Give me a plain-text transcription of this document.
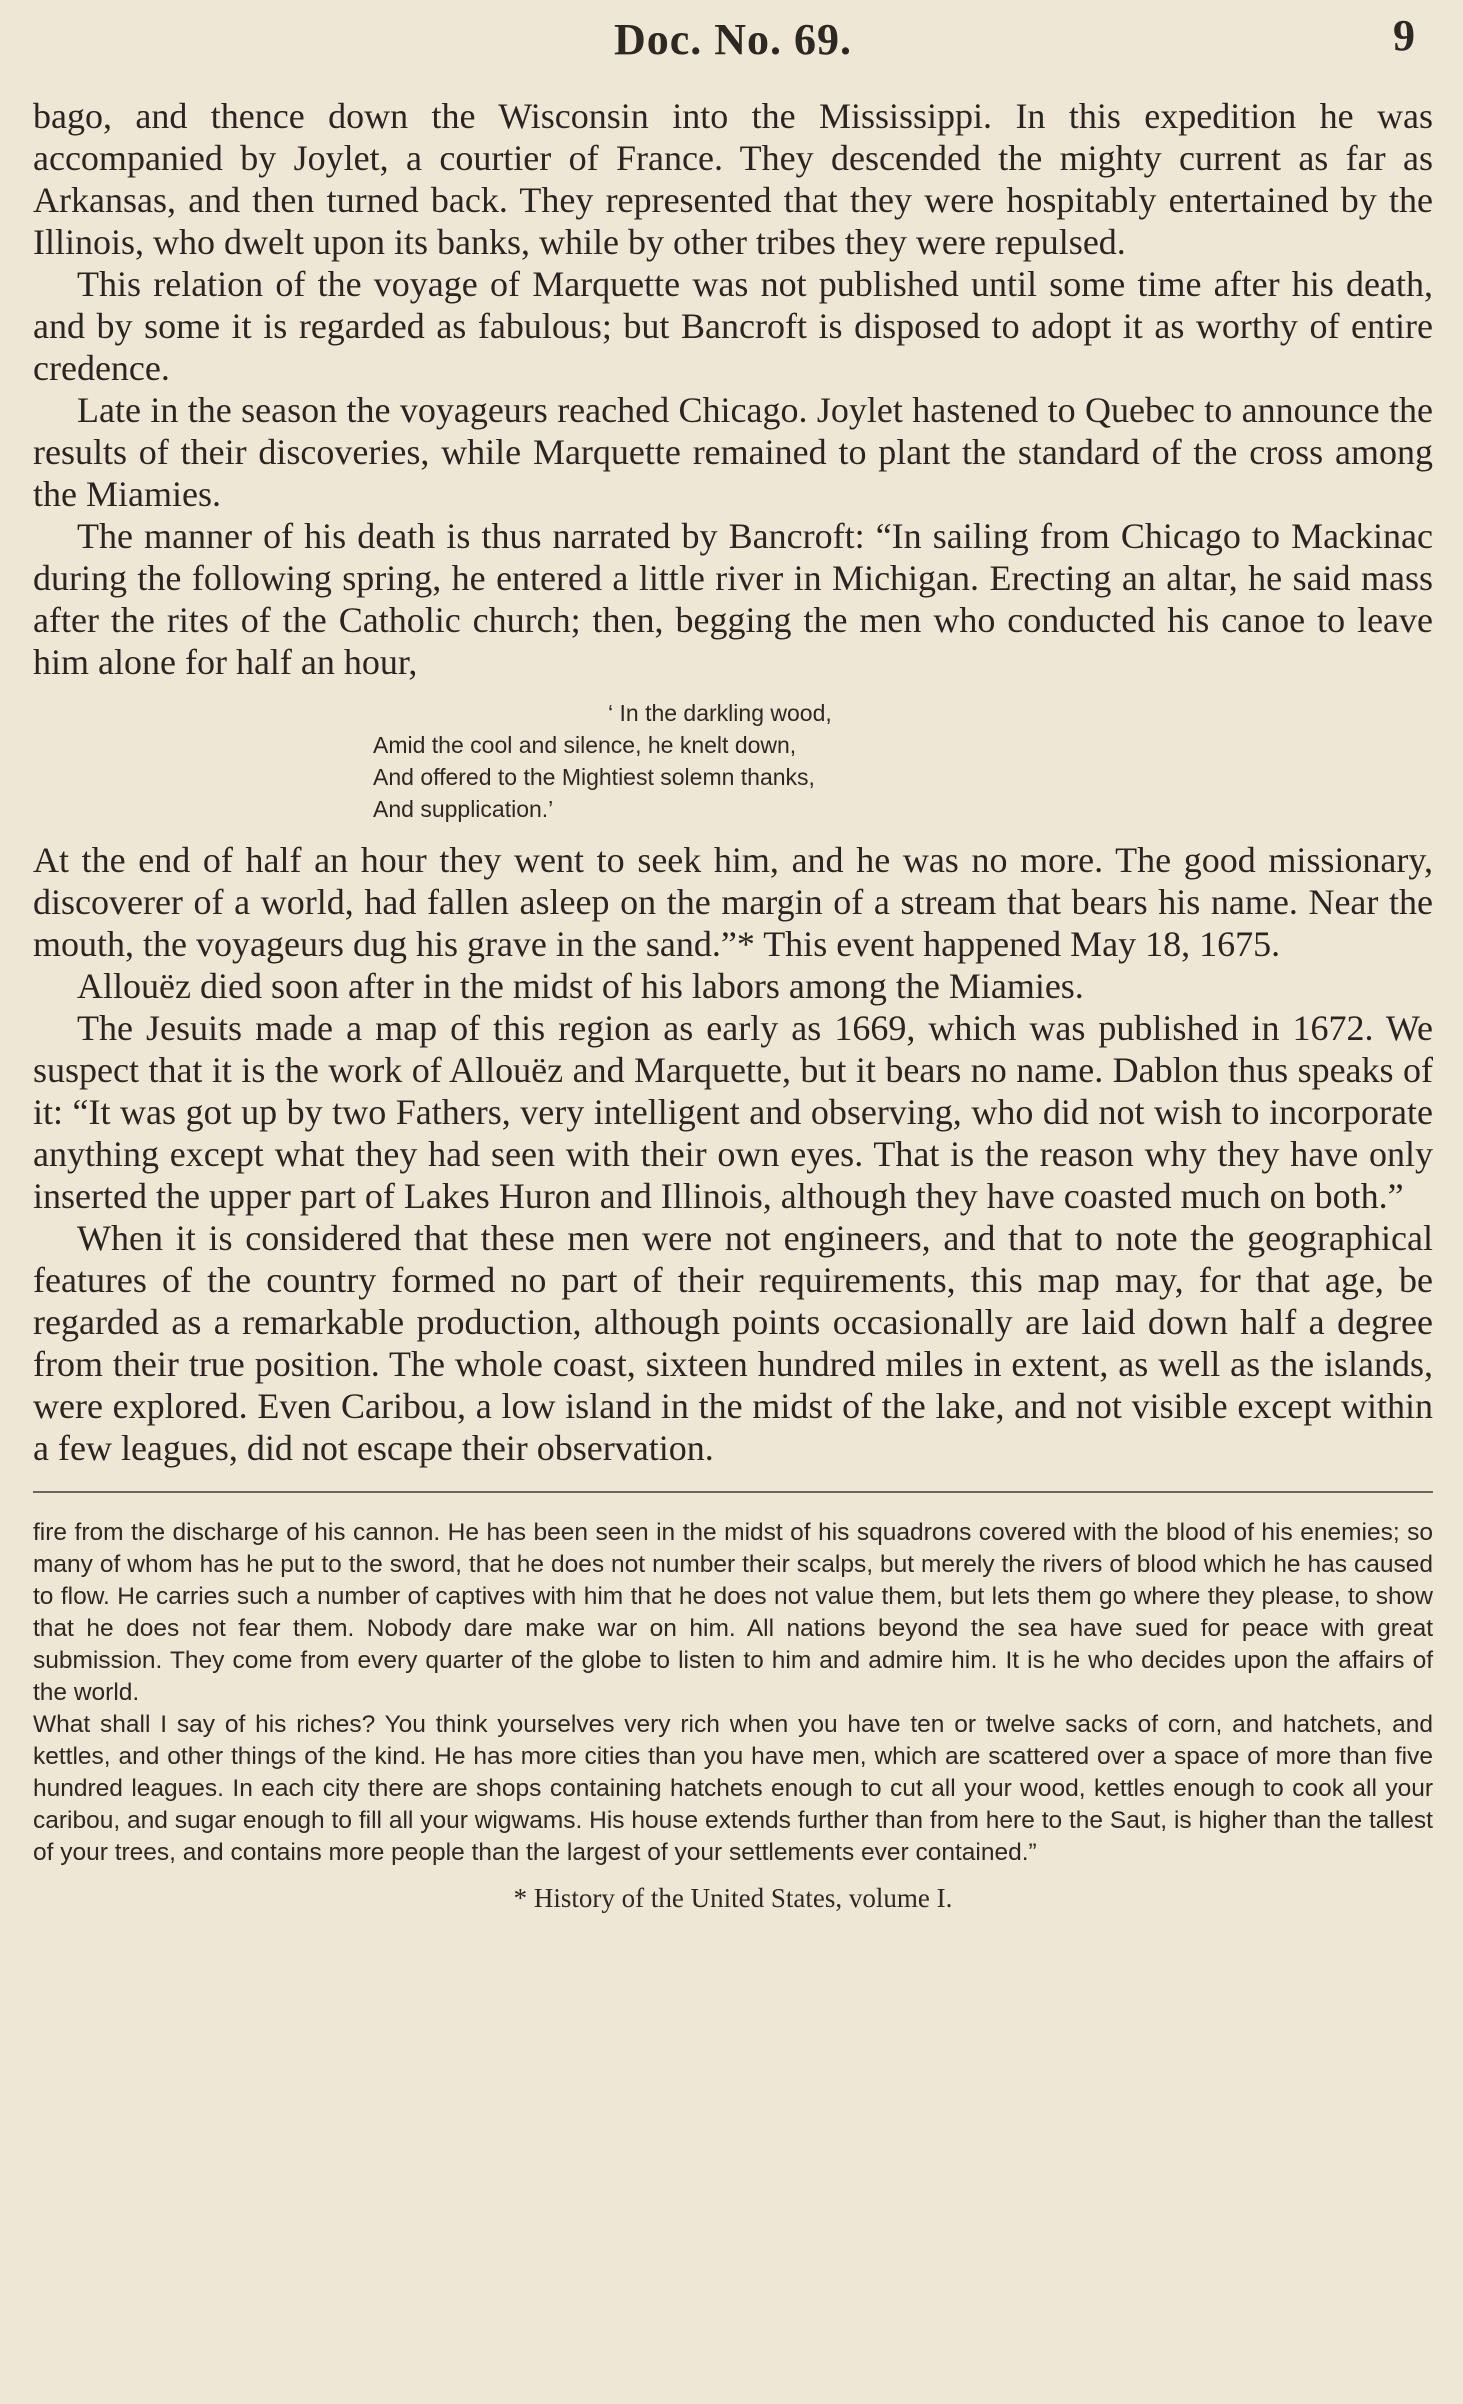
Doc. No. 69.	9

bago, and thence down the Wisconsin into the Mississippi. In this expedition he was accompanied by Joylet, a courtier of France. They descended the mighty current as far as Arkansas, and then turned back. They represented that they were hospitably entertained by the Illinois, who dwelt upon its banks, while by other tribes they were repulsed.

This relation of the voyage of Marquette was not published until some time after his death, and by some it is regarded as fabulous; but Bancroft is disposed to adopt it as worthy of entire credence.

Late in the season the voyageurs reached Chicago. Joylet hastened to Quebec to announce the results of their discoveries, while Marquette remained to plant the standard of the cross among the Miamies.

The manner of his death is thus narrated by Bancroft: “In sailing from Chicago to Mackinac during the following spring, he entered a little river in Michigan. Erecting an altar, he said mass after the rites of the Catholic church; then, begging the men who conducted his canoe to leave him alone for half an hour,

‘ In the darkling wood,
Amid the cool and silence, he knelt down,
And offered to the Mightiest solemn thanks,
And supplication.’

At the end of half an hour they went to seek him, and he was no more. The good missionary, discoverer of a world, had fallen asleep on the margin of a stream that bears his name. Near the mouth, the voyageurs dug his grave in the sand.”* This event happened May 18, 1675.

Allouëz died soon after in the midst of his labors among the Miamies.

The Jesuits made a map of this region as early as 1669, which was published in 1672. We suspect that it is the work of Allouëz and Marquette, but it bears no name. Dablon thus speaks of it: “It was got up by two Fathers, very intelligent and observing, who did not wish to incorporate anything except what they had seen with their own eyes. That is the reason why they have only inserted the upper part of Lakes Huron and Illinois, although they have coasted much on both.”

When it is considered that these men were not engineers, and that to note the geographical features of the country formed no part of their requirements, this map may, for that age, be regarded as a remarkable production, although points occasionally are laid down half a degree from their true position. The whole coast, sixteen hundred miles in extent, as well as the islands, were explored. Even Caribou, a low island in the midst of the lake, and not visible except within a few leagues, did not escape their observation.

fire from the discharge of his cannon. He has been seen in the midst of his squadrons covered with the blood of his enemies; so many of whom has he put to the sword, that he does not number their scalps, but merely the rivers of blood which he has caused to flow. He carries such a number of captives with him that he does not value them, but lets them go where they please, to show that he does not fear them. Nobody dare make war on him. All nations beyond the sea have sued for peace with great submission. They come from every quarter of the globe to listen to him and admire him. It is he who decides upon the affairs of the world.

What shall I say of his riches? You think yourselves very rich when you have ten or twelve sacks of corn, and hatchets, and kettles, and other things of the kind. He has more cities than you have men, which are scattered over a space of more than five hundred leagues. In each city there are shops containing hatchets enough to cut all your wood, kettles enough to cook all your caribou, and sugar enough to fill all your wigwams. His house extends further than from here to the Saut, is higher than the tallest of your trees, and contains more people than the largest of your settlements ever contained.”

* History of the United States, volume I.
